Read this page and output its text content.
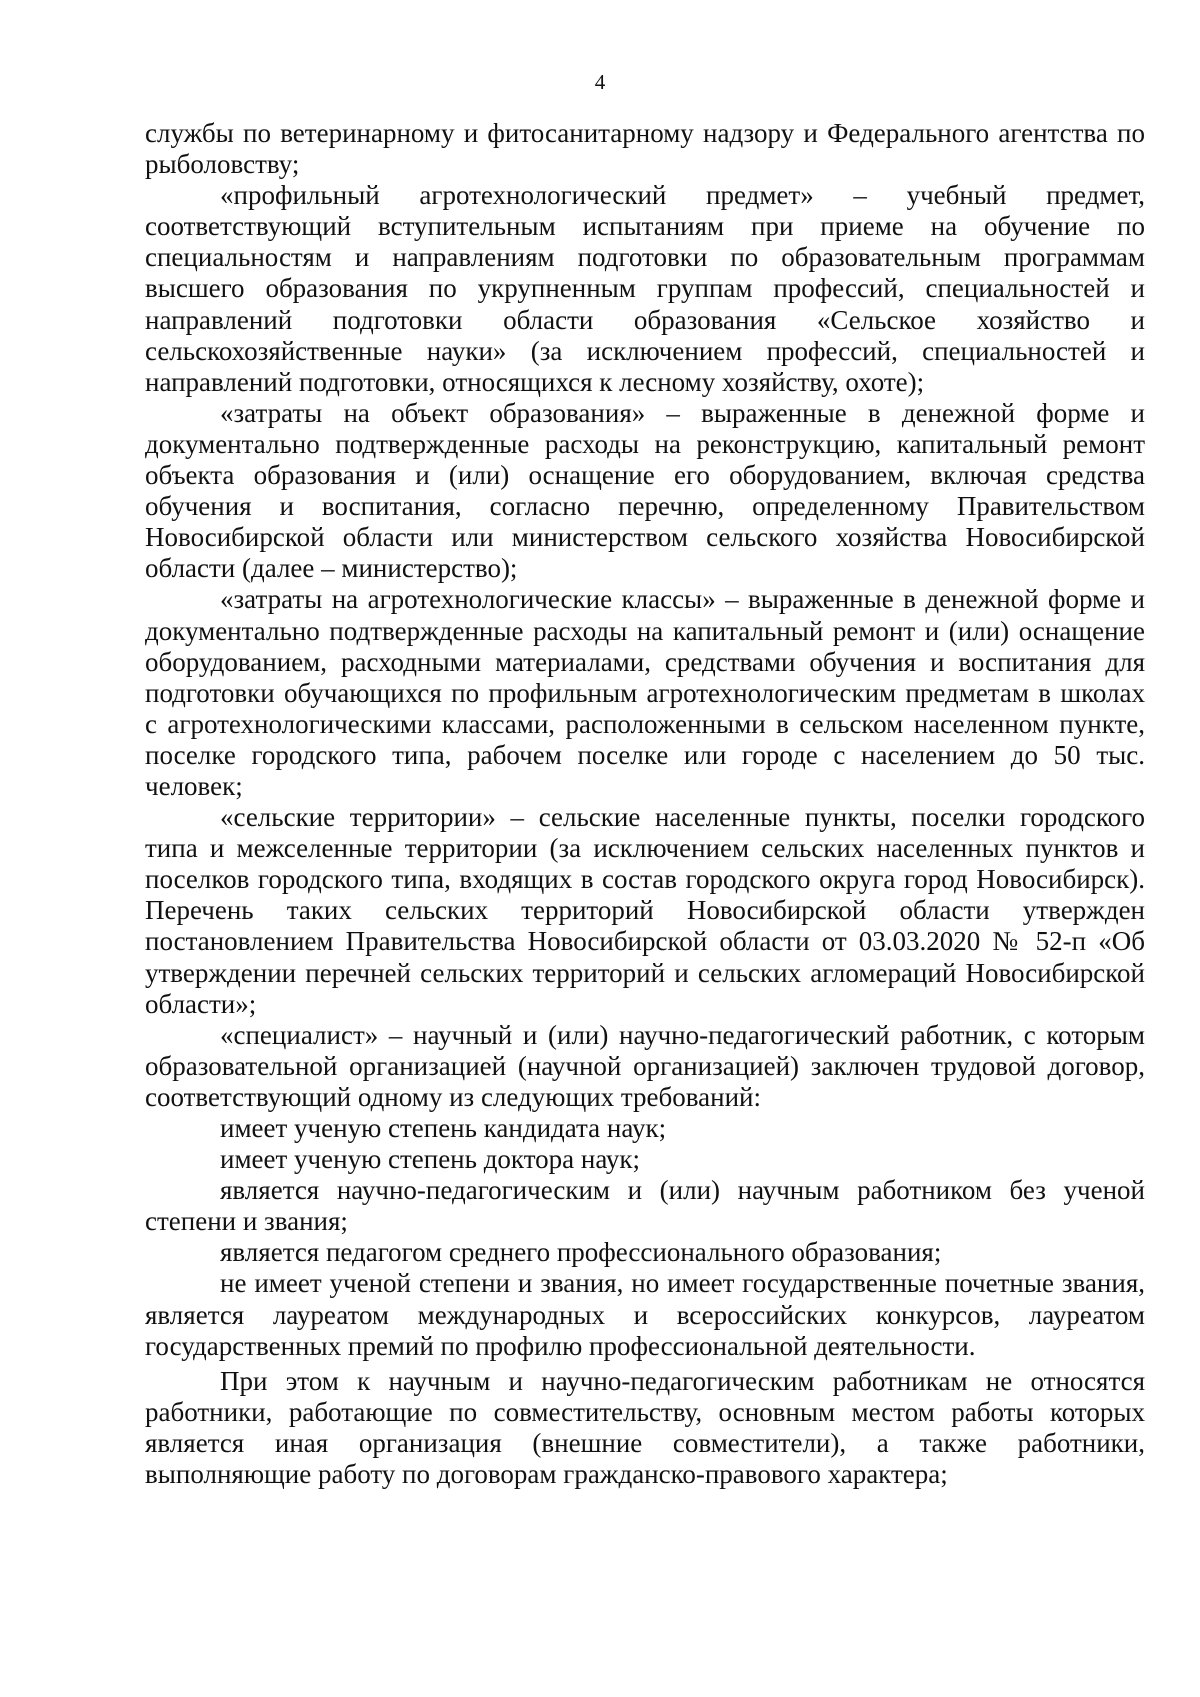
4

службы по ветеринарному и фитосанитарному надзору и Федерального агентства по рыболовству;

«профильный агротехнологический предмет» – учебный предмет, соответствующий вступительным испытаниям при приеме на обучение по специальностям и направлениям подготовки по образовательным программам высшего образования по укрупненным группам профессий, специальностей и направлений подготовки области образования «Сельское хозяйство и сельскохозяйственные науки» (за исключением профессий, специальностей и направлений подготовки, относящихся к лесному хозяйству, охоте);

«затраты на объект образования» – выраженные в денежной форме и документально подтвержденные расходы на реконструкцию, капитальный ремонт объекта образования и (или) оснащение его оборудованием, включая средства обучения и воспитания, согласно перечню, определенному Правительством Новосибирской области или министерством сельского хозяйства Новосибирской области (далее – министерство);

«затраты на агротехнологические классы» – выраженные в денежной форме и документально подтвержденные расходы на капитальный ремонт и (или) оснащение оборудованием, расходными материалами, средствами обучения и воспитания для подготовки обучающихся по профильным агротехнологическим предметам в школах с агротехнологическими классами, расположенными в сельском населенном пункте, поселке городского типа, рабочем поселке или городе с населением до 50 тыс. человек;

«сельские территории» – сельские населенные пункты, поселки городского типа и межселенные территории (за исключением сельских населенных пунктов и поселков городского типа, входящих в состав городского округа город Новосибирск). Перечень таких сельских территорий Новосибирской области утвержден постановлением Правительства Новосибирской области от 03.03.2020 № 52-п «Об утверждении перечней сельских территорий и сельских агломераций Новосибирской области»;

«специалист» – научный и (или) научно-педагогический работник, с которым образовательной организацией (научной организацией) заключен трудовой договор, соответствующий одному из следующих требований:

имеет ученую степень кандидата наук;

имеет ученую степень доктора наук;

является научно-педагогическим и (или) научным работником без ученой степени и звания;

является педагогом среднего профессионального образования;

не имеет ученой степени и звания, но имеет государственные почетные звания, является лауреатом международных и всероссийских конкурсов, лауреатом государственных премий по профилю профессиональной деятельности.

При этом к научным и научно-педагогическим работникам не относятся работники, работающие по совместительству, основным местом работы которых является иная организация (внешние совместители), а также работники, выполняющие работу по договорам гражданско-правового характера;
